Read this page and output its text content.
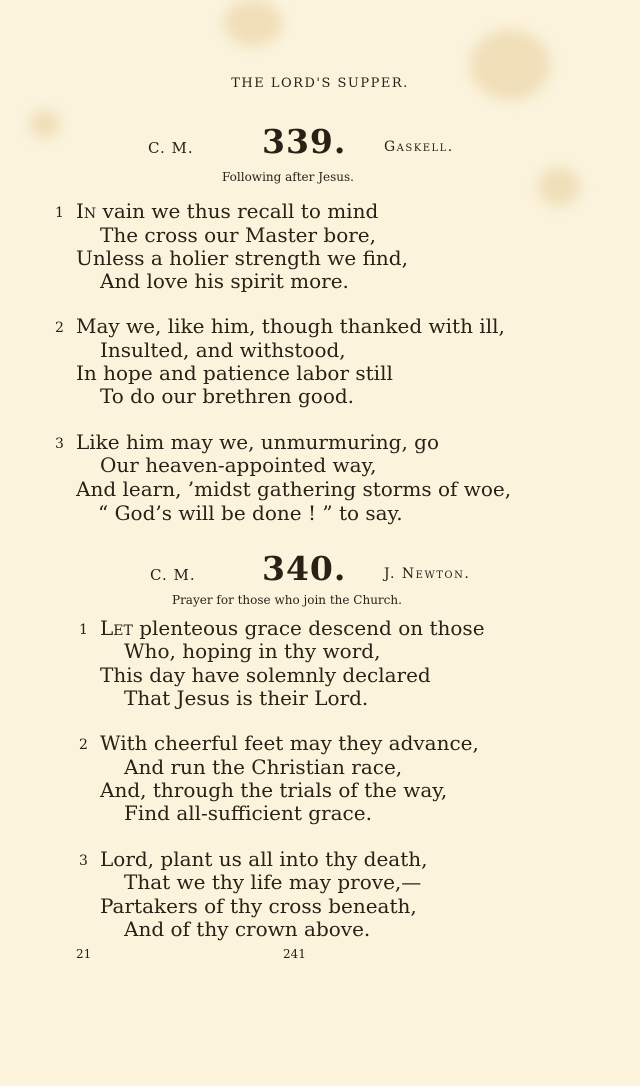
THE LORD'S SUPPER.
C. M. 339.	Gaskell.
Following after Jesus.
1 In vain we thus recall to mind
The cross our Master bore,
Unless a holier strength we find,
And love his spirit more.
2 May we, like him, though thanked with ill,
Insulted, and withstood,
In hope and patience labor still
To do our brethren good.
3 Like him may we, unmurmuring, go
Our heaven-appointed way,
And learn, ’midst gathering storms of woe,
“ God’s will be done ! ” to say.
C. M. 340.	J. Newton.
Prayer for those who join the Church.
1 Let plenteous grace descend on those
Who, hoping in thy word,
This day have solemnly declared
That Jesus is their Lord.
2 With cheerful feet may they advance,
And run the Christian race,
And, through the trials of the way,
Find all-sufficient grace.
3 Lord, plant us all into thy death,
That we thy life may prove,—
Partakers of thy cross beneath,
And of thy crown above.
21	241
